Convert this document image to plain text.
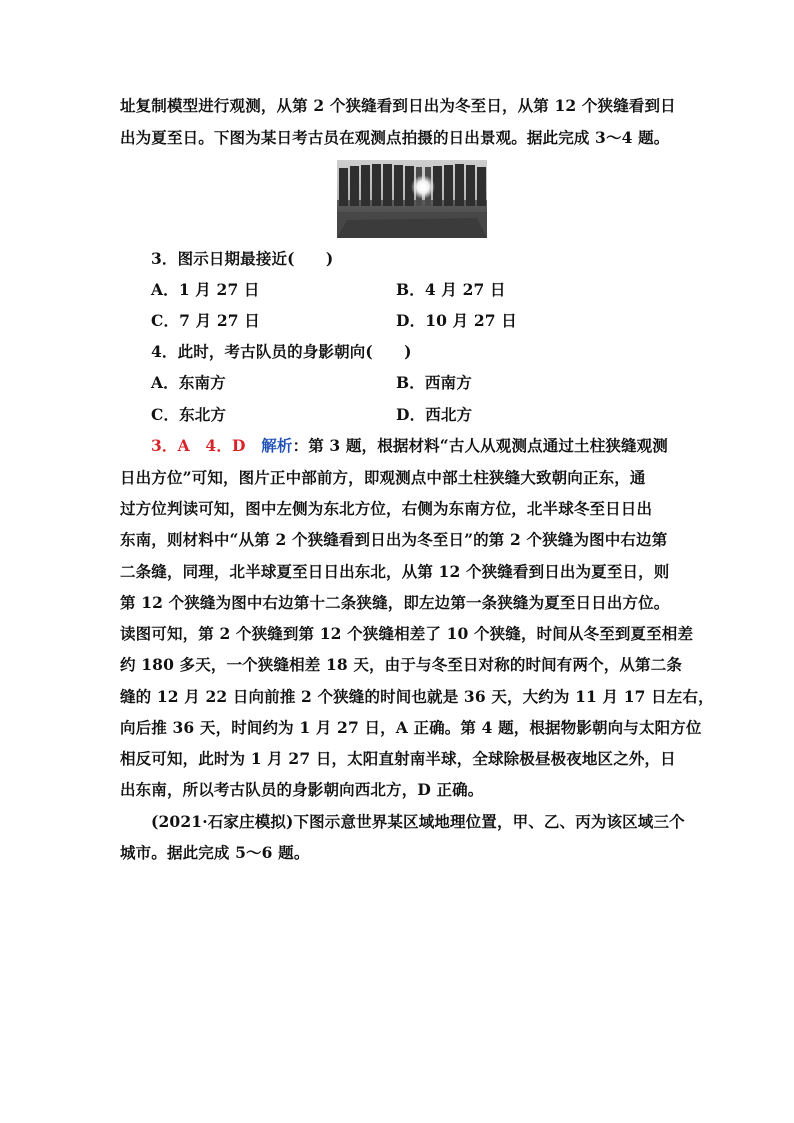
址复制模型进行观测，从第 2 个狭缝看到日出为冬至日，从第 12 个狭缝看到日
出为夏至日。下图为某日考古员在观测点拍摄的日出景观。据此完成 3～4 题。
3．图示日期最接近(　　)
A．1 月 27 日	B．4 月 27 日
C．7 月 27 日	D．10 月 27 日
4．此时，考古队员的身影朝向(　　)
A．东南方	B．西南方
C．东北方	D．西北方
3．A　4．D　 解析：第 3 题，根据材料“古人从观测点通过土柱狭缝观测
日出方位”可知，图片正中部前方，即观测点中部土柱狭缝大致朝向正东，通
过方位判读可知，图中左侧为东北方位，右侧为东南方位，北半球冬至日日出
东南，则材料中“从第 2 个狭缝看到日出为冬至日”的第 2 个狭缝为图中右边第
二条缝，同理，北半球夏至日日出东北，从第 12 个狭缝看到日出为夏至日，则
第 12 个狭缝为图中右边第十二条狭缝，即左边第一条狭缝为夏至日日出方位。
读图可知，第 2 个狭缝到第 12 个狭缝相差了 10 个狭缝，时间从冬至到夏至相差
约 180 多天，一个狭缝相差 18 天，由于与冬至日对称的时间有两个，从第二条
缝的 12 月 22 日向前推 2 个狭缝的时间也就是 36 天，大约为 11 月 17 日左右，
向后推 36 天，时间约为 1 月 27 日，A 正确。第 4 题，根据物影朝向与太阳方位
相反可知，此时为 1 月 27 日，太阳直射南半球，全球除极昼极夜地区之外，日
出东南，所以考古队员的身影朝向西北方，D 正确。
(2021·石家庄模拟)下图示意世界某区域地理位置，甲、乙、丙为该区域三个
城市。据此完成 5～6 题。
